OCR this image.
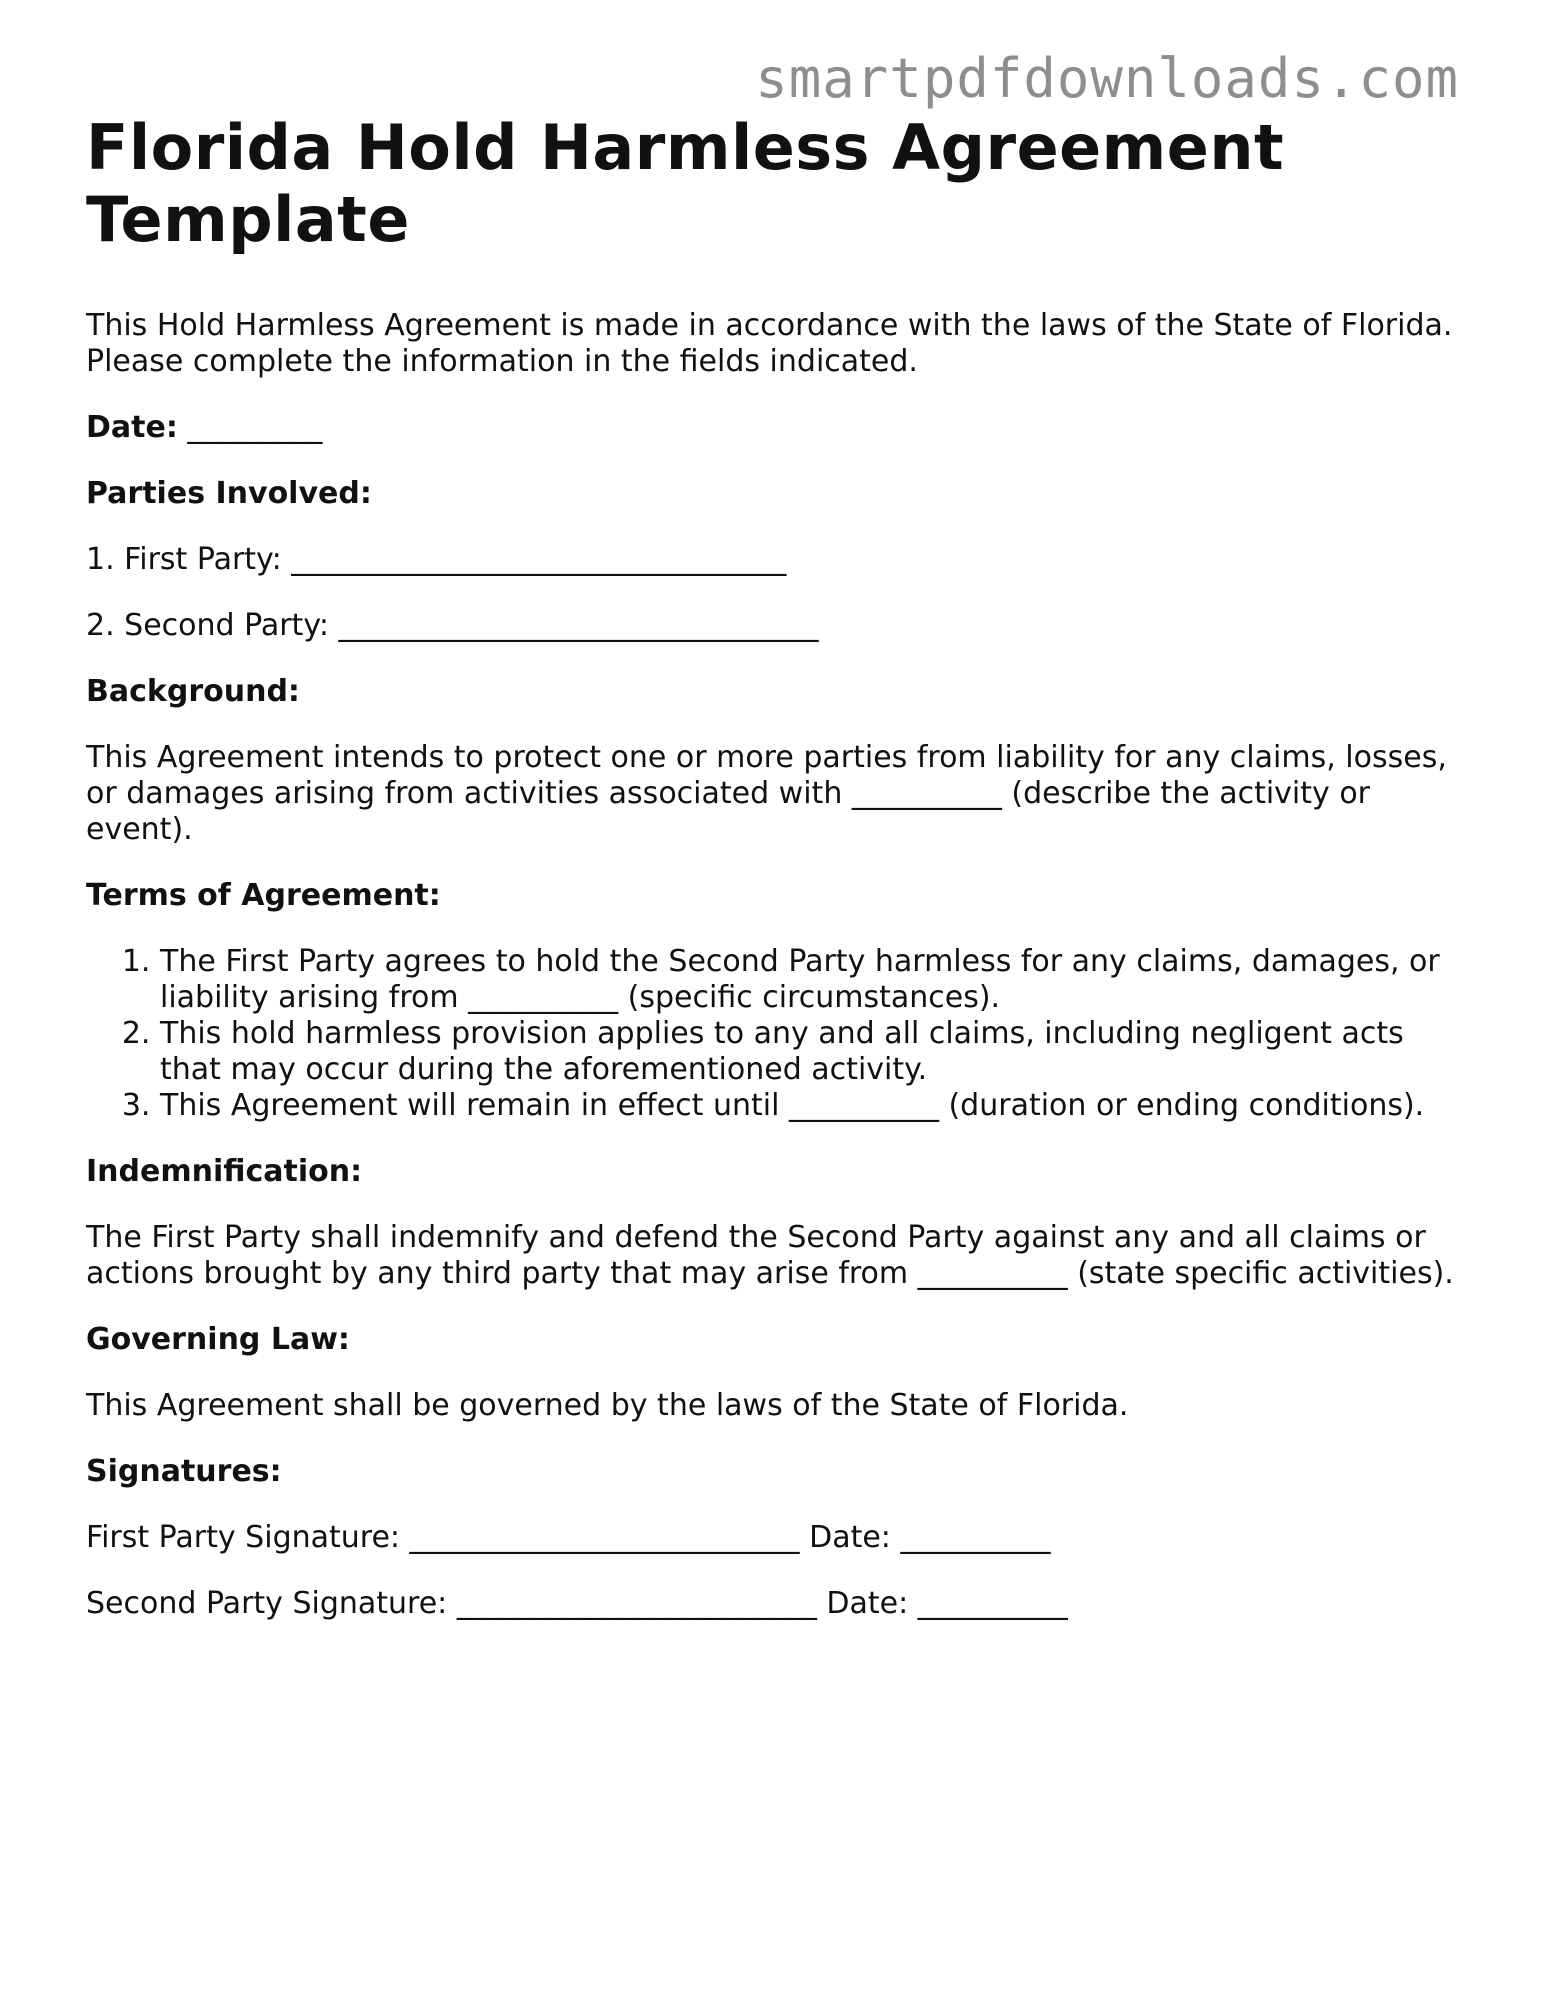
smartpdfdownloads.com
Florida Hold Harmless Agreement Template

This Hold Harmless Agreement is made in accordance with the laws of the State of Florida. Please complete the information in the fields indicated.

Date: _________

Parties Involved:

1. First Party: _________________________________

2. Second Party: ________________________________

Background:

This Agreement intends to protect one or more parties from liability for any claims, losses, or damages arising from activities associated with __________ (describe the activity or event).

Terms of Agreement:

1. The First Party agrees to hold the Second Party harmless for any claims, damages, or liability arising from __________ (specific circumstances).
2. This hold harmless provision applies to any and all claims, including negligent acts that may occur during the aforementioned activity.
3. This Agreement will remain in effect until __________ (duration or ending conditions).

Indemnification:

The First Party shall indemnify and defend the Second Party against any and all claims or actions brought by any third party that may arise from __________ (state specific activities).

Governing Law:

This Agreement shall be governed by the laws of the State of Florida.

Signatures:

First Party Signature: __________________________ Date: __________

Second Party Signature: ________________________ Date: __________
